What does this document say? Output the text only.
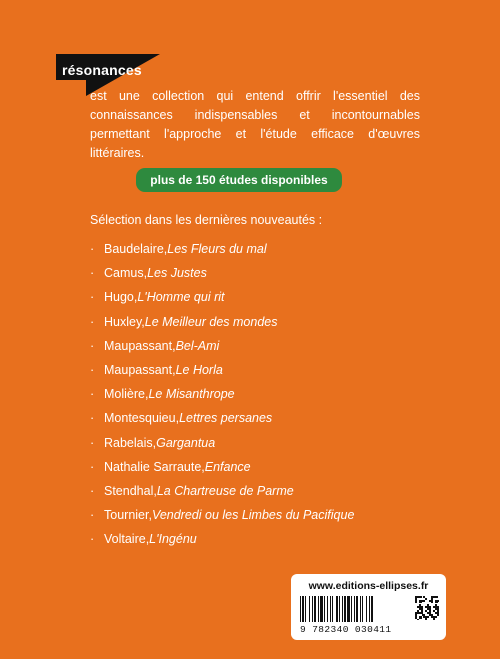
résonances
est une collection qui entend offrir l'essentiel des connaissances indispensables et incontournables permettant l'approche et l'étude efficace d'œuvres littéraires.
plus de 150 études disponibles
Sélection dans les dernières nouveautés :
· Baudelaire, Les Fleurs du mal
· Camus, Les Justes
· Hugo, L'Homme qui rit
· Huxley, Le Meilleur des mondes
· Maupassant, Bel-Ami
· Maupassant, Le Horla
· Molière, Le Misanthrope
· Montesquieu, Lettres persanes
· Rabelais, Gargantua
· Nathalie Sarraute, Enfance
· Stendhal, La Chartreuse de Parme
· Tournier, Vendredi ou les Limbes du Pacifique
· Voltaire, L'Ingénu
www.editions-ellipses.fr
9 782340 030411
